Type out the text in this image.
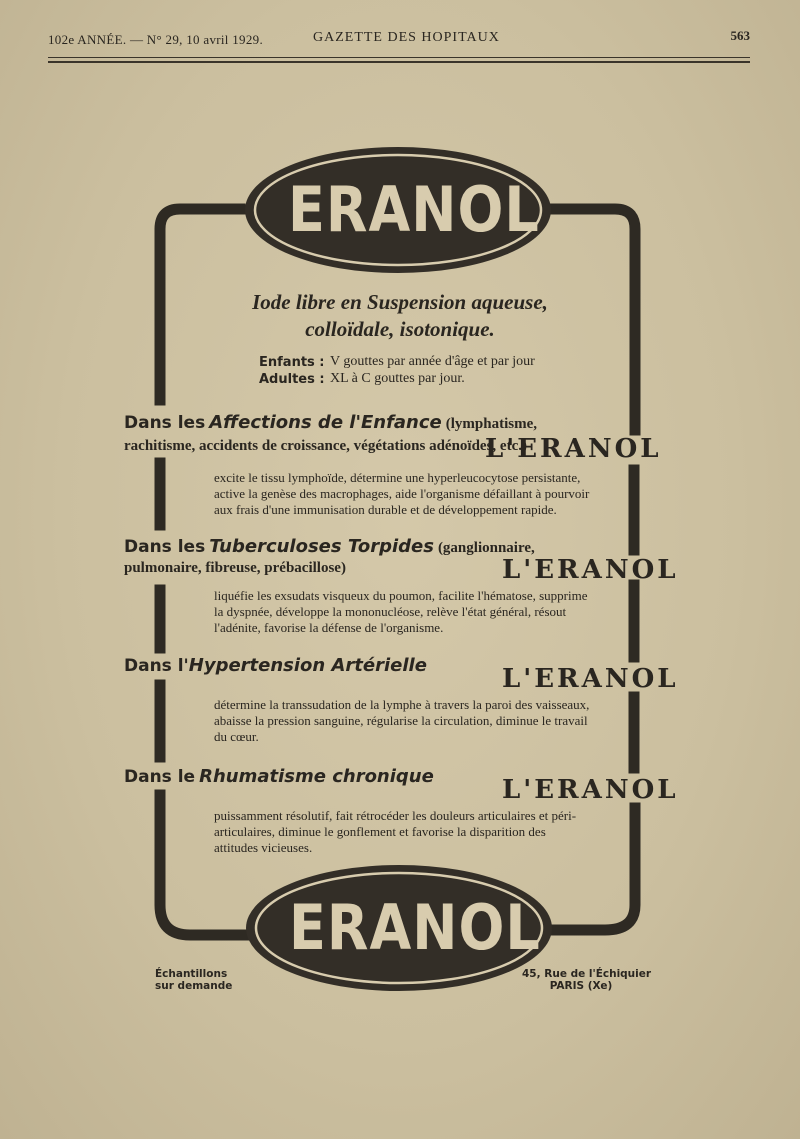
102e ANNÉE. — N° 29, 10 avril 1929.	GAZETTE DES HOPITAUX	563
ERANOL
Iode libre en Suspension aqueuse,
colloïdale, isotonique.
Enfants : V gouttes par année d'âge et par jour
Adultes : XL à C gouttes par jour.
Dans les Affections de l'Enfance (lymphatisme,
rachitisme, accidents de croissance, végétations adénoïdes, etc.)
L'ERANOL
excite le tissu lymphoïde, détermine une hyperleucocytose persistante, active la genèse des macrophages, aide l'organisme défaillant à pourvoir aux frais d'une immunisation durable et de développement rapide.
Dans les Tuberculoses Torpides (ganglionnaire,
pulmonaire, fibreuse, prébacillose)	L'ERANOL
liquéfie les exsudats visqueux du poumon, facilite l'hématose, supprime la dyspnée, développe la mononucléose, relève l'état général, résout l'adénite, favorise la défense de l'organisme.
Dans l'Hypertension Artérielle	L'ERANOL
détermine la transsudation de la lymphe à travers la paroi des vaisseaux, abaisse la pression sanguine, régularise la circulation, diminue le travail du cœur.
Dans le Rhumatisme chronique	L'ERANOL
puissamment résolutif, fait rétrocéder les douleurs articulaires et péri-articulaires, diminue le gonflement et favorise la disparition des attitudes vicieuses.
ERANOL
Échantillons
sur demande
45, Rue de l'Échiquier
PARIS (Xe)
